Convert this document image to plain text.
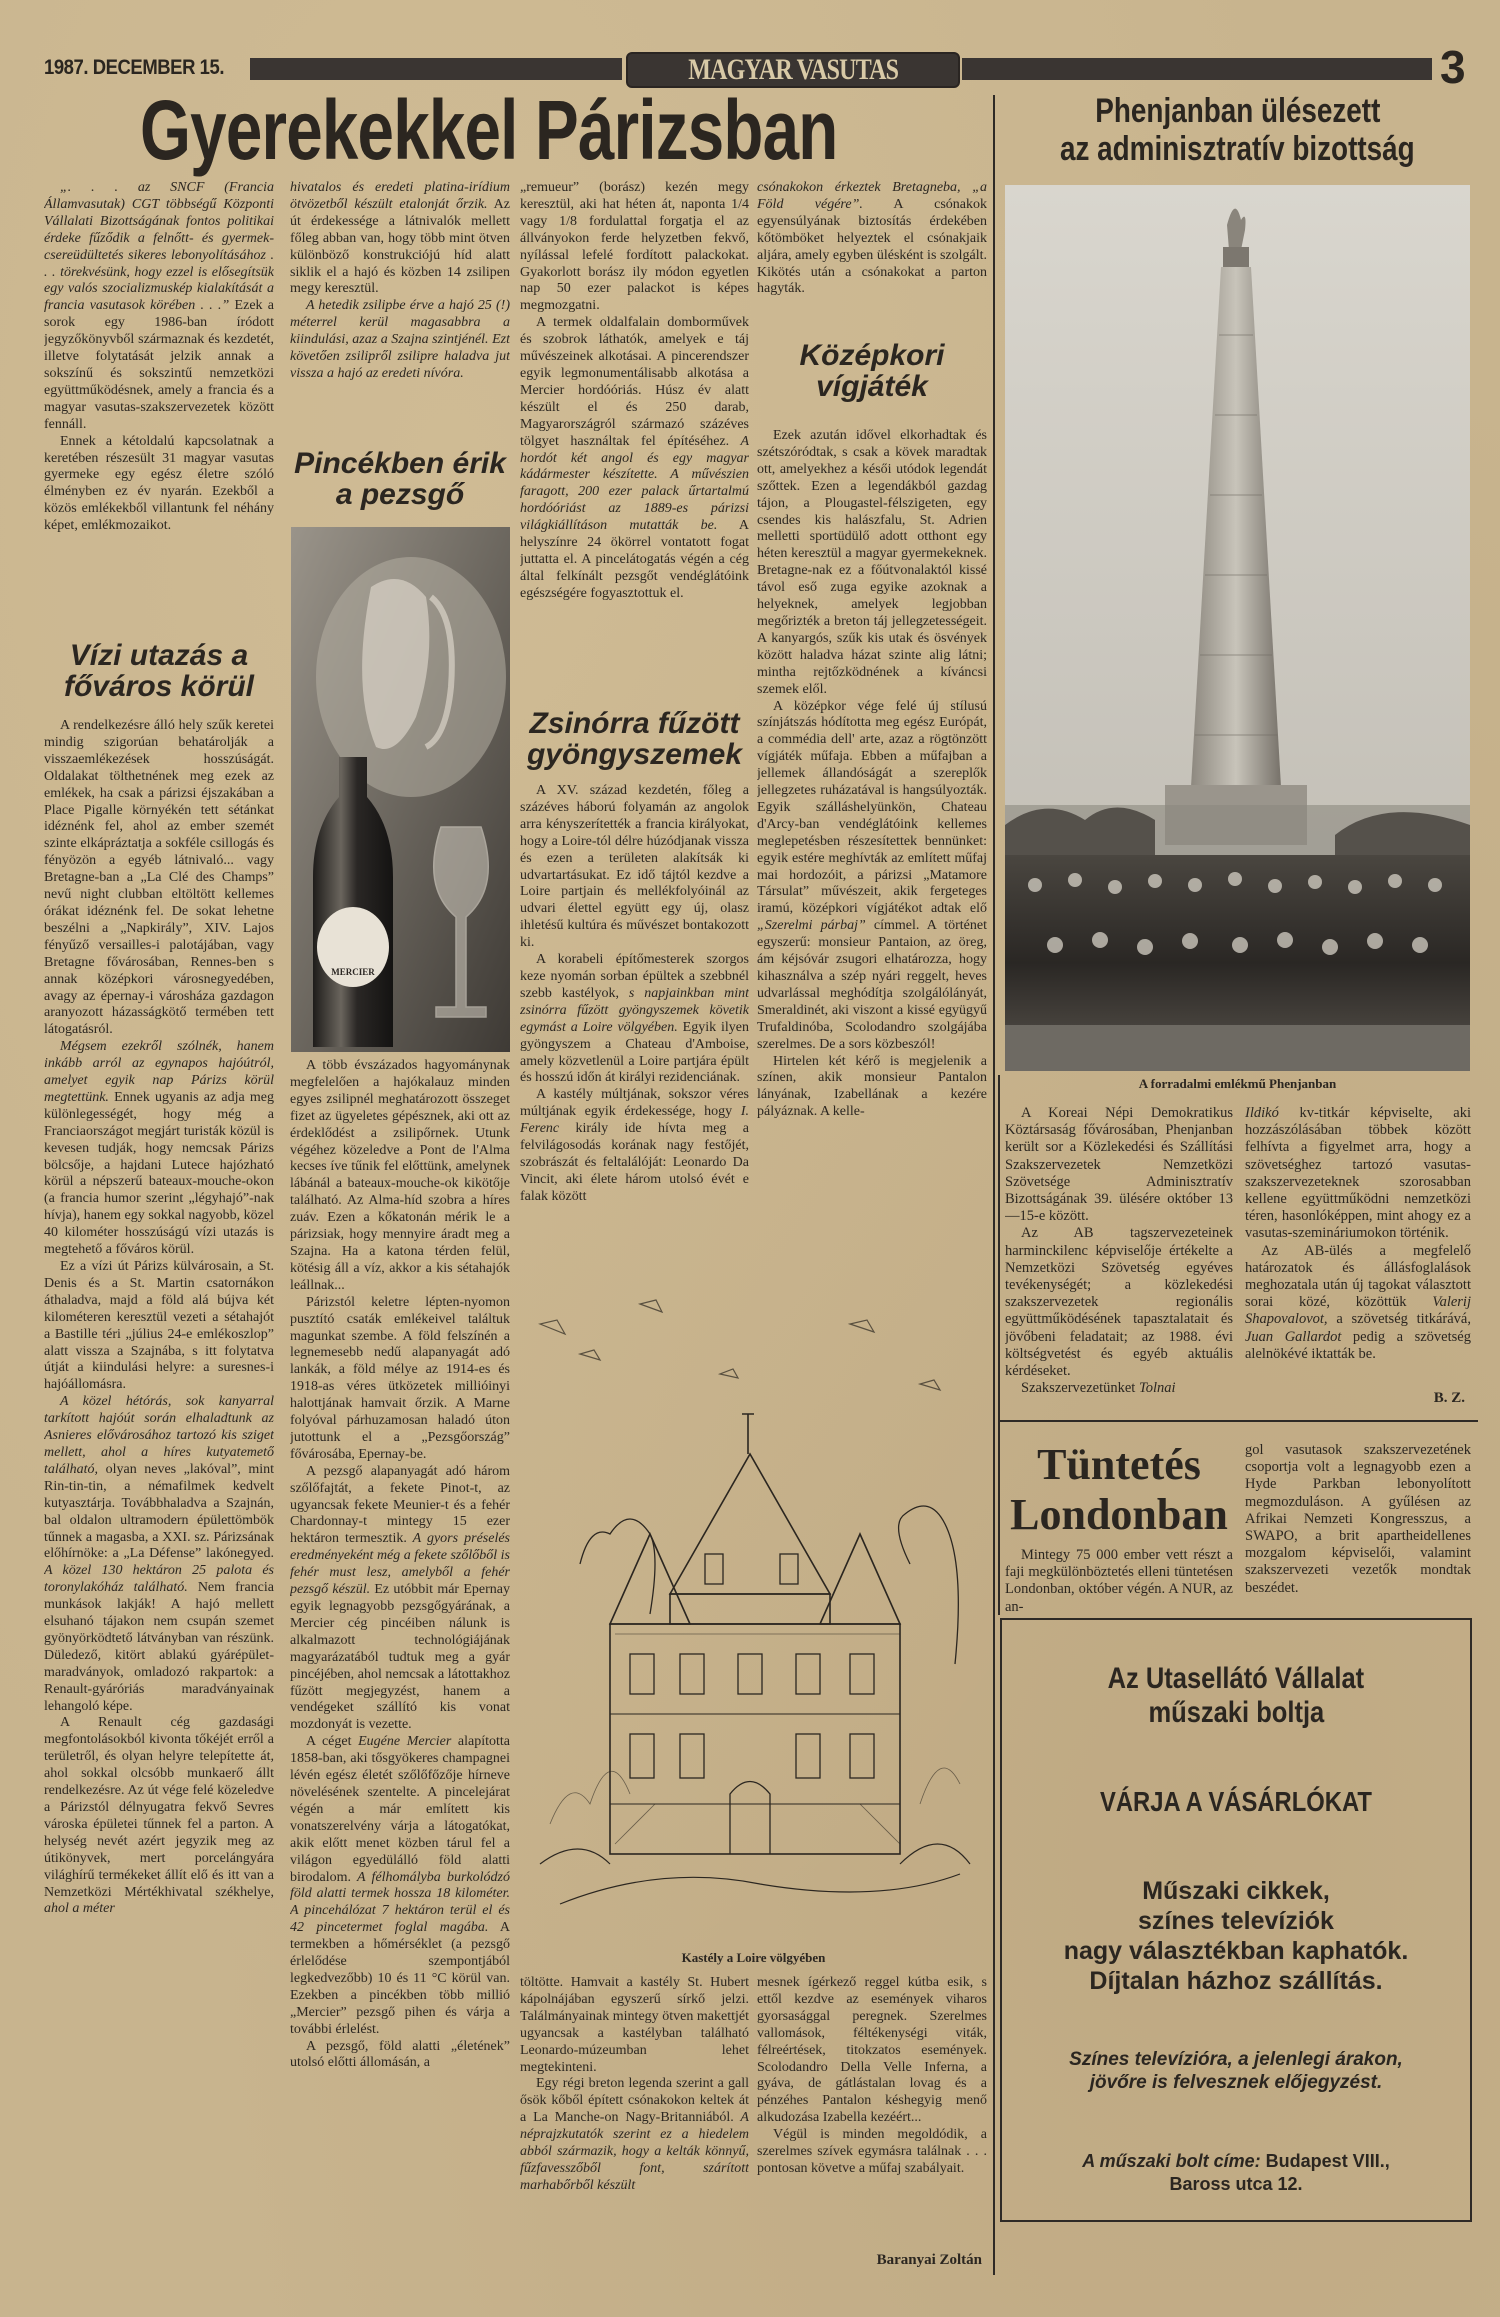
1987. DECEMBER 15.	MAGYAR VASUTAS	3
Gyerekekkel Párizsban

„. . . az SNCF (Francia Államvasutak) CGT többségű Központi Vállalati Bizottságának fontos politikai érdeke fűződik a felnőtt- és gyermek-csereüdültetés sikeres lebonyolításához . . . törekvésünk, hogy ezzel is elősegítsük egy valós szocializmuskép kialakítását a francia vasutasok körében . . .” Ezek a sorok egy 1986-ban íródott jegyzőkönyvből származnak és kezdetét, illetve folytatását jelzik annak a sokszínű és sokszintű nemzetközi együttműködésnek, amely a francia és a magyar vasutas-szakszervezetek között fennáll.

Ennek a kétoldalú kapcsolatnak a keretében részesült 31 magyar vasutas gyermeke egy egész életre szóló élményben ez év nyarán. Ezekből a közös emlékekből villantunk fel néhány képet, emlékmozaikot.

Vízi utazás a főváros körül

A rendelkezésre álló hely szűk keretei mindig szigorúan behatárolják a visszaemlékezések hosszúságát. Oldalakat tölthetnének meg ezek az emlékek, ha csak a párizsi éjszakában a Place Pigalle környékén tett sétánkat idéznénk fel, ahol az ember szemét szinte elkápráztatja a sokféle csillogás és fényözön a egyéb látnivaló... vagy Bretagne-ban a „La Clé des Champs” nevű night clubban eltöltött kellemes órákat idéznénk fel. De sokat lehetne beszélni a „Napkirály”, XIV. Lajos fényűző versailles-i palotájában, vagy Bretagne fővárosában, Rennes-ben s annak középkori városnegyedében, avagy az épernay-i városháza gazdagon aranyozott házasságkötő termében tett látogatásról.

Mégsem ezekről szólnék, hanem inkább arról az egynapos hajóútról, amelyet egyik nap Párizs körül megtettünk. Ennek ugyanis az adja meg különlegességét, hogy még a Franciaországot megjárt turisták közül is kevesen tudják, hogy nemcsak Párizs bölcsője, a hajdani Lutece hajózható körül a népszerű bateaux-mouche-okon (a francia humor szerint „légyhajó”-nak hívja), hanem egy sokkal nagyobb, közel 40 kilométer hosszúságú vízi utazás is megtehető a főváros körül.

Ez a vízi út Párizs külvárosain, a St. Denis és a St. Martin csatornákon áthaladva, majd a föld alá bújva két kilométeren keresztül vezeti a sétahajót a Bastille téri „július 24-e emlékoszlop” alatt vissza a Szajnába, s itt folytatva útját a kiindulási helyre: a suresnes-i hajóállomásra.

A közel hétórás, sok kanyarral tarkított hajóút során elhaladtunk az Asnieres elővárosához tartozó kis sziget mellett, ahol a híres kutyatemető található, olyan neves „lakóval”, mint Rin-tin-tin, a némafilmek kedvelt kutyasztárja. Továbbhaladva a Szajnán, bal oldalon ultramodern épülettömbök tűnnek a magasba, a XXI. sz. Párizsának előhírnöke: a „La Défense” lakónegyed. A közel 130 hektáron 25 palota és toronylakóház található. Nem francia munkások lakják! A hajó mellett elsuhanó tájakon nem csupán szemet gyönyörködtető látványban van részünk. Düledező, kitört ablakú gyárépület-maradványok, omladozó rakpartok: a Renault-gyáróriás maradványainak lehangoló képe.

A Renault cég gazdasági megfontolásokból kivonta tőkéjét erről a területről, és olyan helyre telepítette át, ahol sokkal olcsóbb munkaerő állt rendelkezésre. Az út vége felé közeledve a Párizstól délnyugatra fekvő Sevres városka épületei tűnnek fel a parton. A helység nevét azért jegyzik meg az útikönyvek, mert porcelángyára világhírű termékeket állít elő és itt van a Nemzetközi Mértékhivatal székhelye, ahol a méter

hivatalos és eredeti platina-irídium ötvözetből készült etalonját őrzik. Az út érdekessége a látnivalók mellett főleg abban van, hogy több mint ötven különböző konstrukciójú híd alatt siklik el a hajó és közben 14 zsilipen megy keresztül.

A hetedik zsilipbe érve a hajó 25 (!) méterrel kerül magasabbra a kiindulási, azaz a Szajna szintjénél. Ezt követően zsilipről zsilipre haladva jut vissza a hajó az eredeti nívóra.

Pincékben érik a pezsgő
MERCIER

A több évszázados hagyománynak megfelelően a hajókalauz minden egyes zsilipnél meghatározott összeget fizet az ügyeletes gépésznek, aki ott az érdeklődést a zsilipőrnek. Utunk végéhez közeledve a Pont de l'Alma kecses íve tűnik fel előttünk, amelynek lábánál a bateaux-mouche-ok kikötője található. Az Alma-híd szobra a híres zuáv. Ezen a kőkatonán mérik le a párizsiak, hogy mennyire áradt meg a Szajna. Ha a katona térden felül, kötésig áll a víz, akkor a kis sétahajók leállnak...

Párizstól keletre lépten-nyomon pusztító csaták emlékeivel találtuk magunkat szembe. A föld felszínén a legnemesebb nedű alapanyagát adó lankák, a föld mélye az 1914-es és 1918-as véres ütközetek millióinyi halottjának hamvait őrzik. A Marne folyóval párhuzamosan haladó úton jutottunk el a „Pezsgőország” fővárosába, Epernay-be.

A pezsgő alapanyagát adó három szőlőfajtát, a fekete Pinot-t, az ugyancsak fekete Meunier-t és a fehér Chardonnay-t mintegy 15 ezer hektáron termesztik. A gyors préselés eredményeként még a fekete szőlőből is fehér must lesz, amelyből a fehér pezsgő készül. Ez utóbbit már Epernay egyik legnagyobb pezsgőgyárának, a Mercier cég pincéiben nálunk is alkalmazott technológiájának magyarázatából tudtuk meg a gyár pincéjében, ahol nemcsak a látottakhoz fűzött megjegyzést, hanem a vendégeket szállító kis vonat mozdonyát is vezette.

A céget Eugéne Mercier alapította 1858-ban, aki tősgyökeres champagnei lévén egész életét szőlőfőzője hírneve növelésének szentelte. A pincelejárat végén a már említett kis vonatszerelvény várja a látogatókat, akik előtt menet közben tárul fel a világon egyedülálló föld alatti birodalom. A félhomályba burkolódzó föld alatti termek hossza 18 kilométer. A pincehálózat 7 hektáron terül el és 42 pincetermet foglal magába. A termekben a hőmérséklet (a pezsgő érlelődése szempontjából legkedvezőbb) 10 és 11 °C körül van. Ezekben a pincékben több millió „Mercier” pezsgő pihen és várja a további érlelést.

A pezsgő, föld alatti „életének” utolsó előtti állomásán, a

„remueur” (borász) kezén megy keresztül, aki hat héten át, naponta 1/4 vagy 1/8 fordulattal forgatja el az állványokon ferde helyzetben fekvő, nyílással lefelé fordított palackokat. Gyakorlott borász ily módon egyetlen nap 50 ezer palackot is képes megmozgatni.

A termek oldalfalain domborművek és szobrok láthatók, amelyek e táj művészeinek alkotásai. A pincerendszer egyik legmonumentálisabb alkotása a Mercier hordóóriás. Húsz év alatt készült el és 250 darab, Magyarországról származó százéves tölgyet használtak fel építéséhez. A hordót két angol és egy magyar kádármester készítette. A művészien faragott, 200 ezer palack űrtartalmú hordóóriást az 1889-es párizsi világkiállításon mutatták be. A helyszínre 24 ökörrel vontatott fogat juttatta el. A pincelátogatás végén a cég által felkínált pezsgőt vendéglátóink egészségére fogyasztottuk el.

Zsinórra fűzött gyöngyszemek

A XV. század kezdetén, főleg a százéves háború folyamán az angolok arra kényszerítették a francia királyokat, hogy a Loire-tól délre húzódjanak vissza és ezen a területen alakítsák ki udvartartásukat. Ez idő tájtól kezdve a Loire partjain és mellékfolyóinál az udvari élettel együtt egy új, olasz ihletésű kultúra és művészet bontakozott ki.

A korabeli építőmesterek szorgos keze nyomán sorban épültek a szebbnél szebb kastélyok, s napjainkban mint zsinórra fűzött gyöngyszemek követik egymást a Loire völgyében. Egyik ilyen gyöngyszem a Chateau d'Amboise, amely közvetlenül a Loire partjára épült és hosszú időn át királyi rezidenciának.

A kastély múltjának, sokszor véres múltjának egyik érdekessége, hogy I. Ferenc király ide hívta meg a felvilágosodás korának nagy festőjét, szobrászát és feltalálóját: Leonardo Da Vincit, aki élete három utolsó évét e falak között

csónakokon érkeztek Bretagneba, „a Föld végére”. A csónakok egyensúlyának biztosítás érdekében kőtömböket helyeztek el csónakjaik aljára, amely egyben ülésként is szolgált. Kikötés után a csónakokat a parton hagyták.

Középkori vígjáték

Ezek azután idővel elkorhadtak és szétszóródtak, s csak a kövek maradtak ott, amelyekhez a késői utódok legendát szőttek. Ezen a legendákból gazdag tájon, a Plougastel-félszigeten, egy csendes kis halászfalu, St. Adrien melletti sportüdülő adott otthont egy héten keresztül a magyar gyermekeknek. Bretagne-nak ez a főútvonalaktól kissé távol eső zuga egyike azoknak a helyeknek, amelyek legjobban megőrizték a breton táj jellegzetességeit. A kanyargós, szűk kis utak és ösvények között haladva házat szinte alig látni; mintha rejtőzködnének a kíváncsi szemek elől.

A középkor vége felé új stílusú színjátszás hódította meg egész Európát, a commédia dell' arte, azaz a rögtönzött vígjáték műfaja. Ebben a műfajban a jellemek állandóságát a szereplők jellegzetes ruházatával is hangsúlyozták. Egyik szálláshelyünkön, Chateau d'Arcy-ban vendéglátóink kellemes meglepetésben részesítettek bennünket: egyik estére meghívták az említett műfaj mai hordozóit, a párizsi „Matamore Társulat” művészeit, akik fergeteges iramú, középkori vígjátékot adtak elő „Szerelmi párbaj” címmel. A történet egyszerű: monsieur Pantaion, az öreg, ám kéjsóvár zsugori elhatározza, hogy kihasználva a szép nyári reggelt, heves udvarlással meghódítja szolgálólányát, Smeraldinét, aki viszont a kissé együgyű Trufaldinóba, Scolodandro szolgájába szerelmes. De a sors közbeszól!

Hirtelen két kérő is megjelenik a színen, akik monsieur Pantalon lányának, Izabellának a kezére pályáznak. A kelle-

Kastély a Loire völgyében

töltötte. Hamvait a kastély St. Hubert kápolnájában egyszerű sírkő jelzi. Találmányainak mintegy ötven makettjét ugyancsak a kastélyban található Leonardo-múzeumban lehet megtekinteni.

Egy régi breton legenda szerint a gall ősök kőből épített csónakokon keltek át a La Manche-on Nagy-Britanniából. A néprajzkutatók szerint ez a hiedelem abból származik, hogy a kelták könnyű, fűzfavesszőből font, szárított marhabőrből készült

mesnek ígérkező reggel kútba esik, s ettől kezdve az események viharos gyorsasággal peregnek. Szerelmes vallomások, féltékenységi viták, félreértések, titokzatos események. Scolodandro Della Velle Inferna, a gyáva, de gátlástalan lovag és a pénzéhes Pantalon késhegyig menő alkudozása Izabella kezéért...

Végül is minden megoldódik, a szerelmes szívek egymásra találnak . . . pontosan követve a műfaj szabályait.

Baranyai Zoltán
Phenjanban ülésezett
az adminisztratív bizottság
A forradalmi emlékmű Phenjanban

A Koreai Népi Demokratikus Köztársaság fővárosában, Phenjanban került sor a Közlekedési és Szállítási Szakszervezetek Nemzetközi Szövetsége Adminisztratív Bizottságának 39. ülésére október 13—15-e között.

Az AB tagszervezeteinek harminckilenc képviselője értékelte a Nemzetközi Szövetség egyéves tevékenységét; a közlekedési szakszervezetek regionális együttműködésének tapasztalatait és jövőbeni feladatait; az 1988. évi költségvetést és egyéb aktuális kérdéseket.

Szakszervezetünket Tolnai

Ildikó kv-titkár képviselte, aki hozzászólásában többek között felhívta a figyelmet arra, hogy a szövetséghez tartozó vasutas-szakszervezeteknek szorosabban kellene együttműködni nemzetközi téren, hasonlóképpen, mint ahogy ez a vasutas-szemináriumokon történik.

Az AB-ülés a megfelelő határozatok és állásfoglalások meghozatala után új tagokat választott sorai közé, közöttük Valerij Shapovalovot, a szövetség titkárává, Juan Gallardot pedig a szövetség alelnökévé iktatták be.

B. Z.
Tüntetés
Londonban

Mintegy 75 000 ember vett részt a faji megkülönböztetés elleni tüntetésen Londonban, október végén. A NUR, az an-

gol vasutasok szakszervezetének csoportja volt a legnagyobb ezen a Hyde Parkban lebonyolított megmozduláson. A gyűlésen az Afrikai Nemzeti Kongresszus, a SWAPO, a brit apartheidellenes mozgalom képviselői, valamint szakszervezeti vezetők mondtak beszédet.

Az Utasellátó Vállalat
műszaki boltja
VÁRJA A VÁSÁRLÓKAT
Műszaki cikkek,
színes televíziók
nagy választékban kaphatók.
Díjtalan házhoz szállítás.
Színes televízióra, a jelenlegi árakon,
jövőre is felvesznek előjegyzést.
A műszaki bolt címe: Budapest VIII.,
Baross utca 12.
